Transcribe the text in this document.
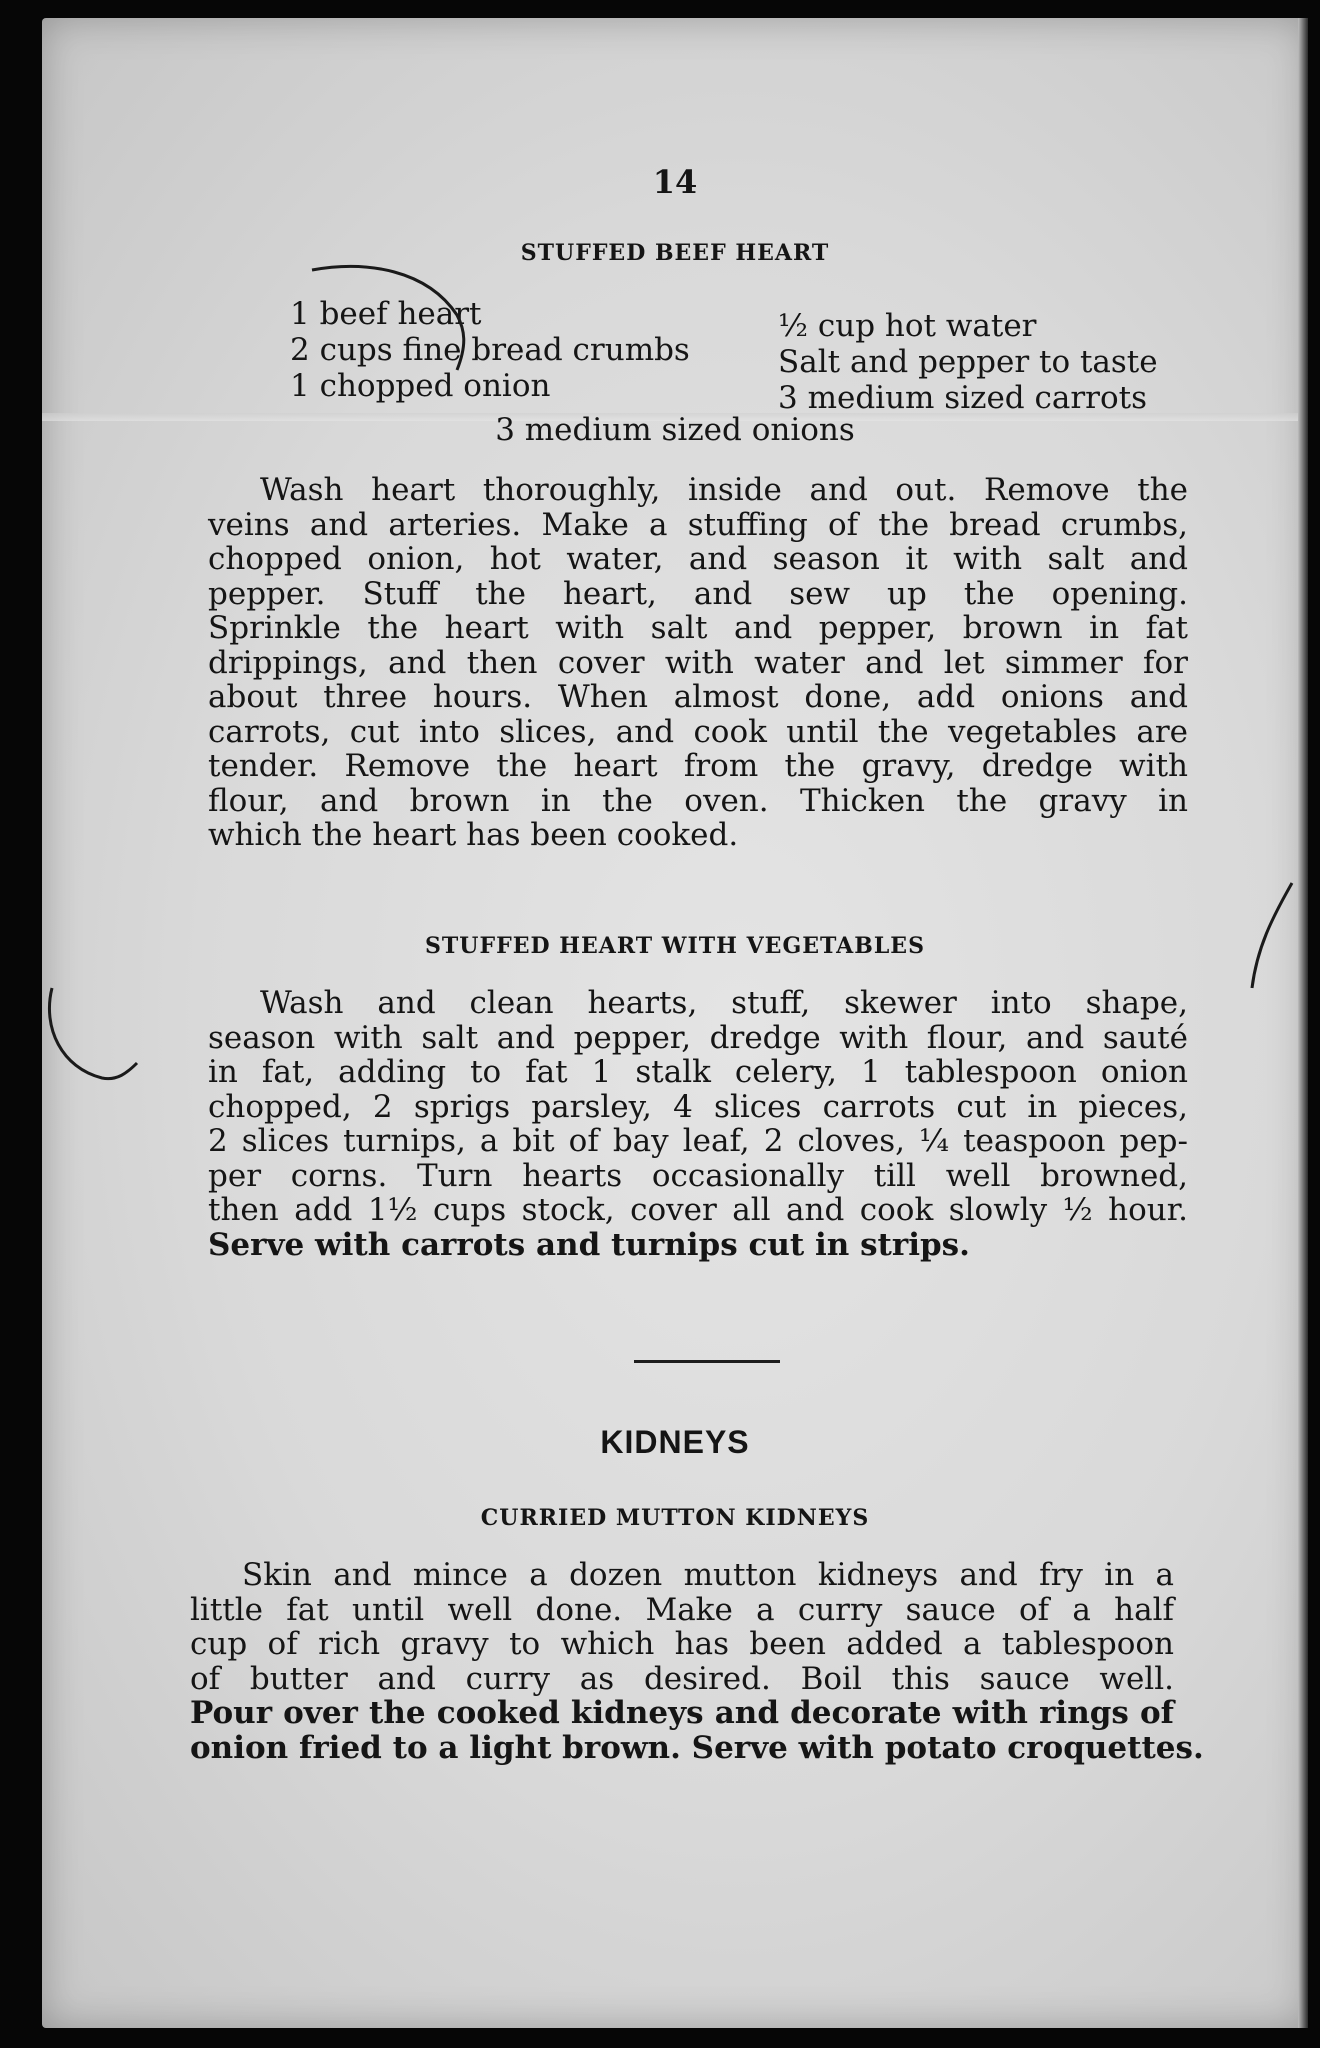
14
STUFFED BEEF HEART
1 beef heart
2 cups fine bread crumbs
1 chopped onion
½ cup hot water
Salt and pepper to taste
3 medium sized carrots
3 medium sized onions
Wash heart thoroughly, inside and out. Remove the
veins and arteries. Make a stuffing of the bread crumbs,
chopped onion, hot water, and season it with salt and
pepper. Stuff the heart, and sew up the opening.
Sprinkle the heart with salt and pepper, brown in fat
drippings, and then cover with water and let simmer for
about three hours. When almost done, add onions and
carrots, cut into slices, and cook until the vegetables are
tender. Remove the heart from the gravy, dredge with
flour, and brown in the oven. Thicken the gravy in
which the heart has been cooked.
STUFFED HEART WITH VEGETABLES
Wash and clean hearts, stuff, skewer into shape,
season with salt and pepper, dredge with flour, and sauté
in fat, adding to fat 1 stalk celery, 1 tablespoon onion
chopped, 2 sprigs parsley, 4 slices carrots cut in pieces,
2 slices turnips, a bit of bay leaf, 2 cloves, ¼ teaspoon pep-
per corns. Turn hearts occasionally till well browned,
then add 1½ cups stock, cover all and cook slowly ½ hour.
Serve with carrots and turnips cut in strips.
KIDNEYS
CURRIED MUTTON KIDNEYS
Skin and mince a dozen mutton kidneys and fry in a
little fat until well done. Make a curry sauce of a half
cup of rich gravy to which has been added a tablespoon
of butter and curry as desired. Boil this sauce well.
Pour over the cooked kidneys and decorate with rings of
onion fried to a light brown. Serve with potato croquettes.
